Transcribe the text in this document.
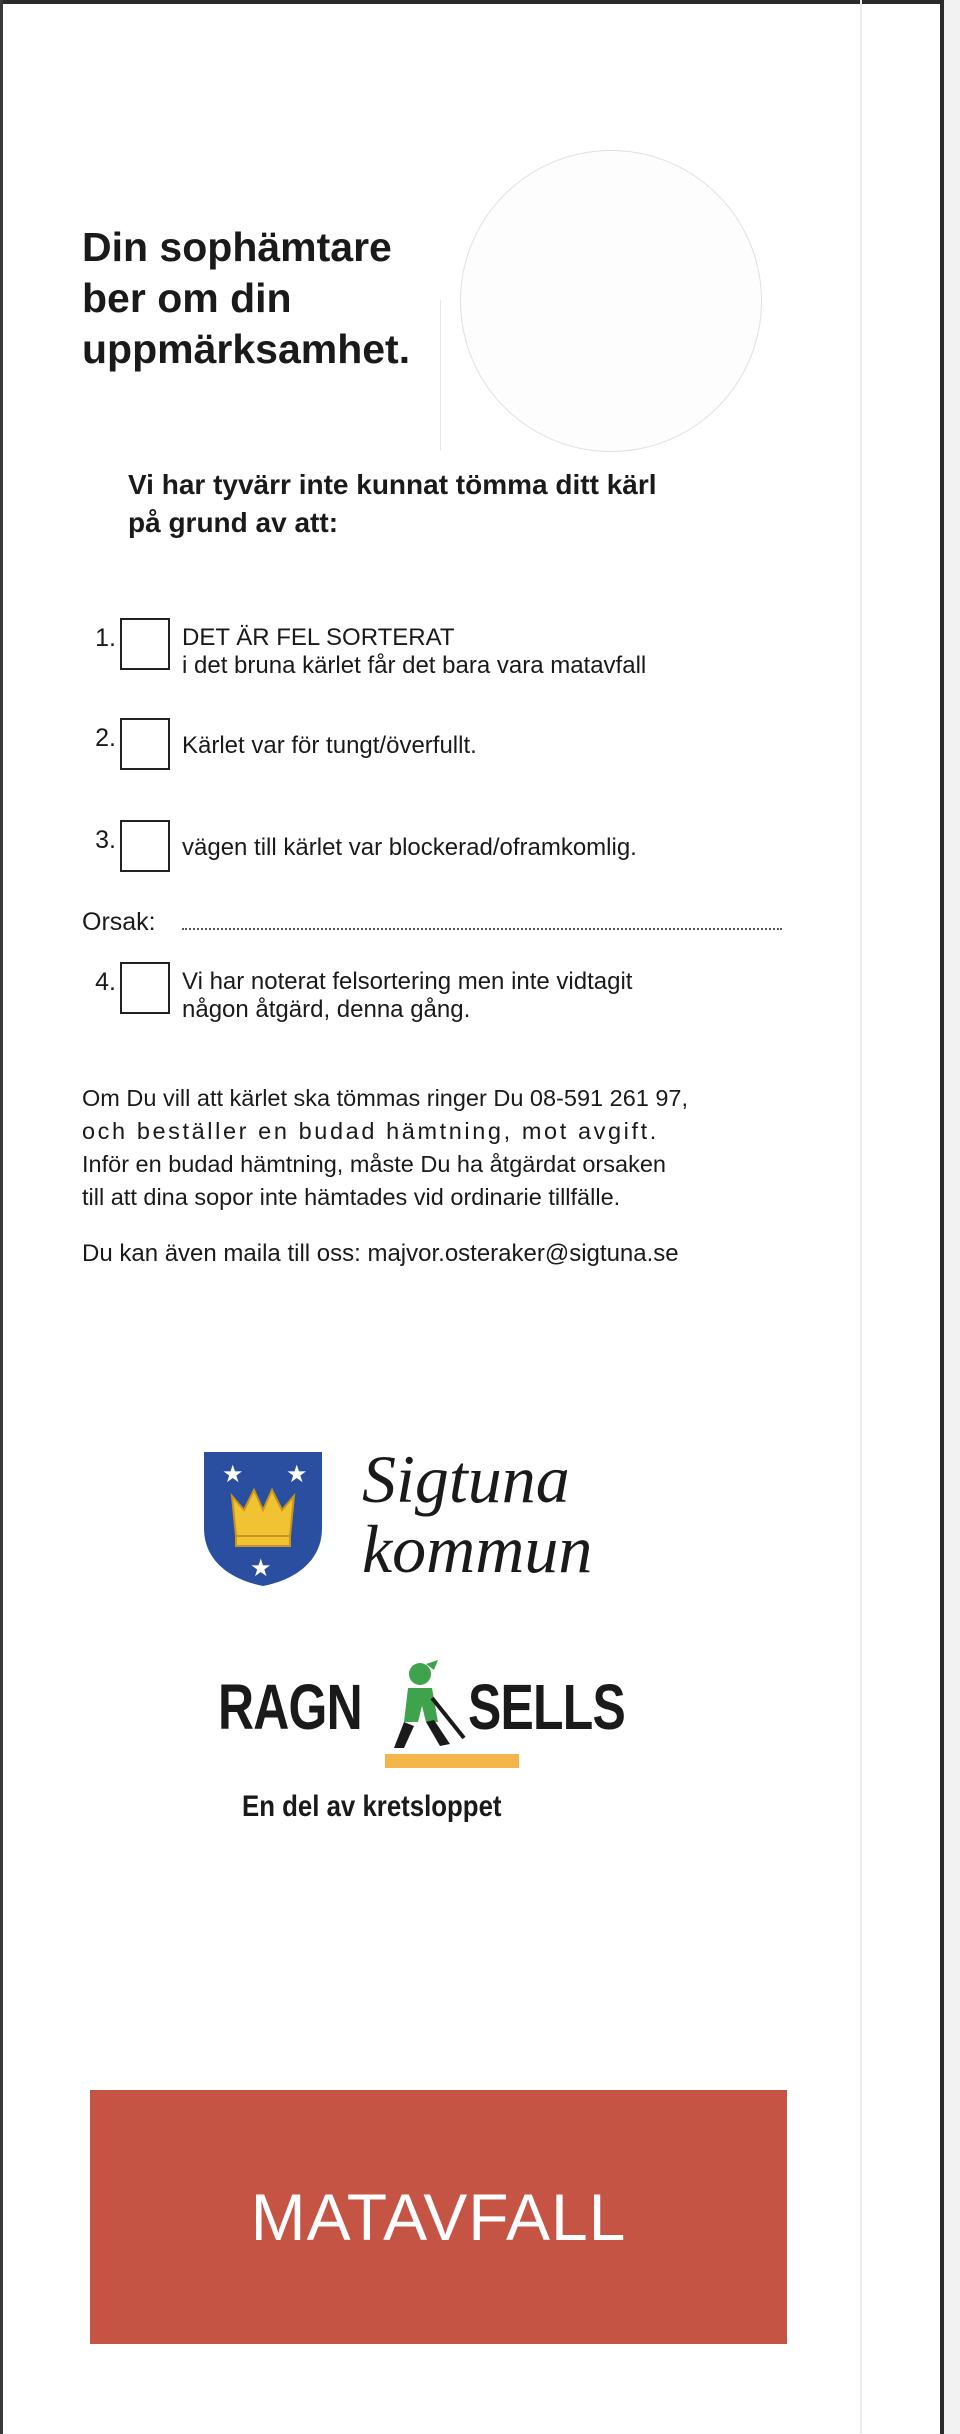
Din sophämtare
ber om din
uppmärksamhet.
Vi har tyvärr inte kunnat tömma ditt kärl
på grund av att:
1.	DET ÄR FEL SORTERAT
i det bruna kärlet får det bara vara matavfall
2.	Kärlet var för tungt/överfullt.
3.	vägen till kärlet var blockerad/oframkomlig.
Orsak:
4.	Vi har noterat felsortering men inte vidtagit
någon åtgärd, denna gång.
Om Du vill att kärlet ska tömmas ringer Du 08-591 261 97,
och beställer en budad hämtning, mot avgift.
Inför en budad hämtning, måste Du ha åtgärdat orsaken
till att dina sopor inte hämtades vid ordinarie tillfälle.
Du kan även maila till oss: majvor.osteraker@sigtuna.se
★ ★
★
Sigtuna
kommun
RAGN SELLS
En del av kretsloppet
MATAVFALL
